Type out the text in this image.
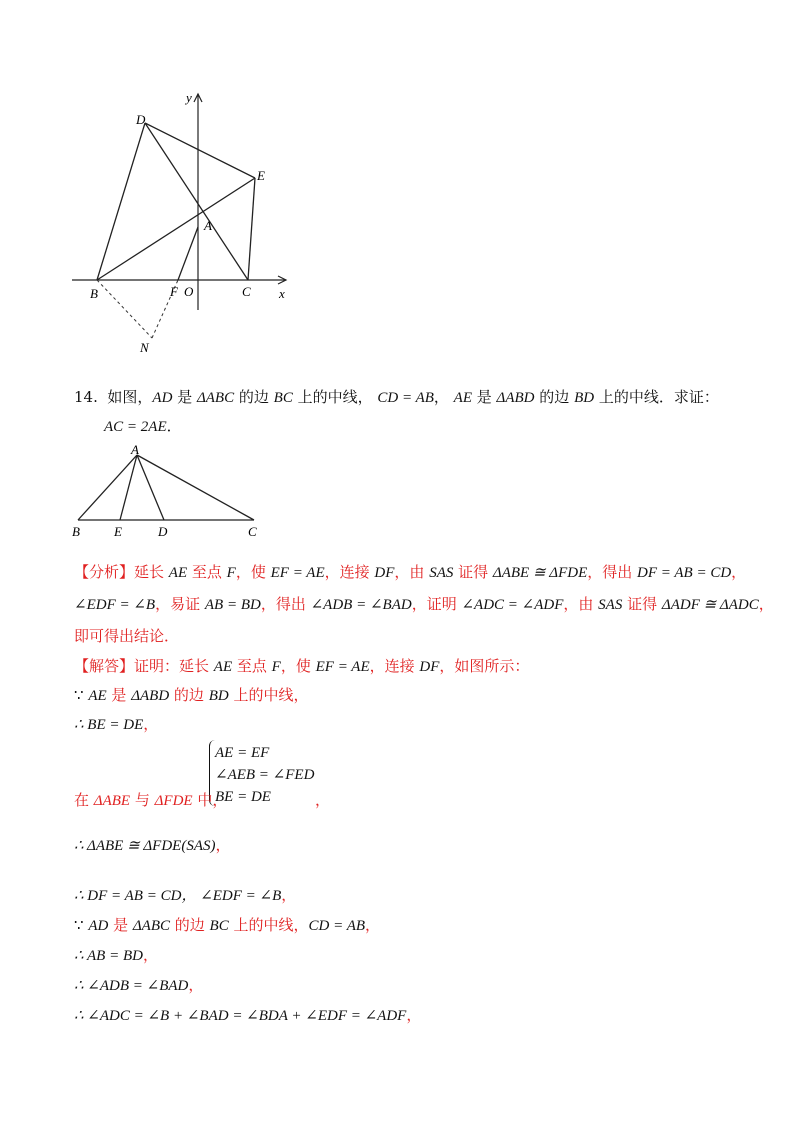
y
x
D
E
A
B	F O	C
N
14. 如图，AD 是 ΔABC 的边 BC 上的中线， CD = AB， AE 是 ΔABD 的边 BD 上的中线．求证：
AC = 2AE．
A
B	E	D	C
【分析】延长 AE 至点 F，使 EF = AE，连接 DF，由 SAS 证得 ΔABE ≅ ΔFDE，得出 DF = AB = CD，
∠EDF = ∠B，易证 AB = BD，得出 ∠ADB = ∠BAD，证明 ∠ADC = ∠ADF，由 SAS 证得 ΔADF ≅ ΔADC，
即可得出结论．
【解答】证明：延长 AE 至点 F，使 EF = AE，连接 DF，如图所示：
∵ AE 是 ΔABD 的边 BD 上的中线，
∴ BE = DE，
AE = EF
∠AEB = ∠FED
BE = DE
在 ΔABE 与 ΔFDE 中，	，
∴ ΔABE ≅ ΔFDE(SAS)，
∴ DF = AB = CD， ∠EDF = ∠B，
∵ AD 是 ΔABC 的边 BC 上的中线，CD = AB，
∴ AB = BD，
∴ ∠ADB = ∠BAD，
∴ ∠ADC = ∠B + ∠BAD = ∠BDA + ∠EDF = ∠ADF，
